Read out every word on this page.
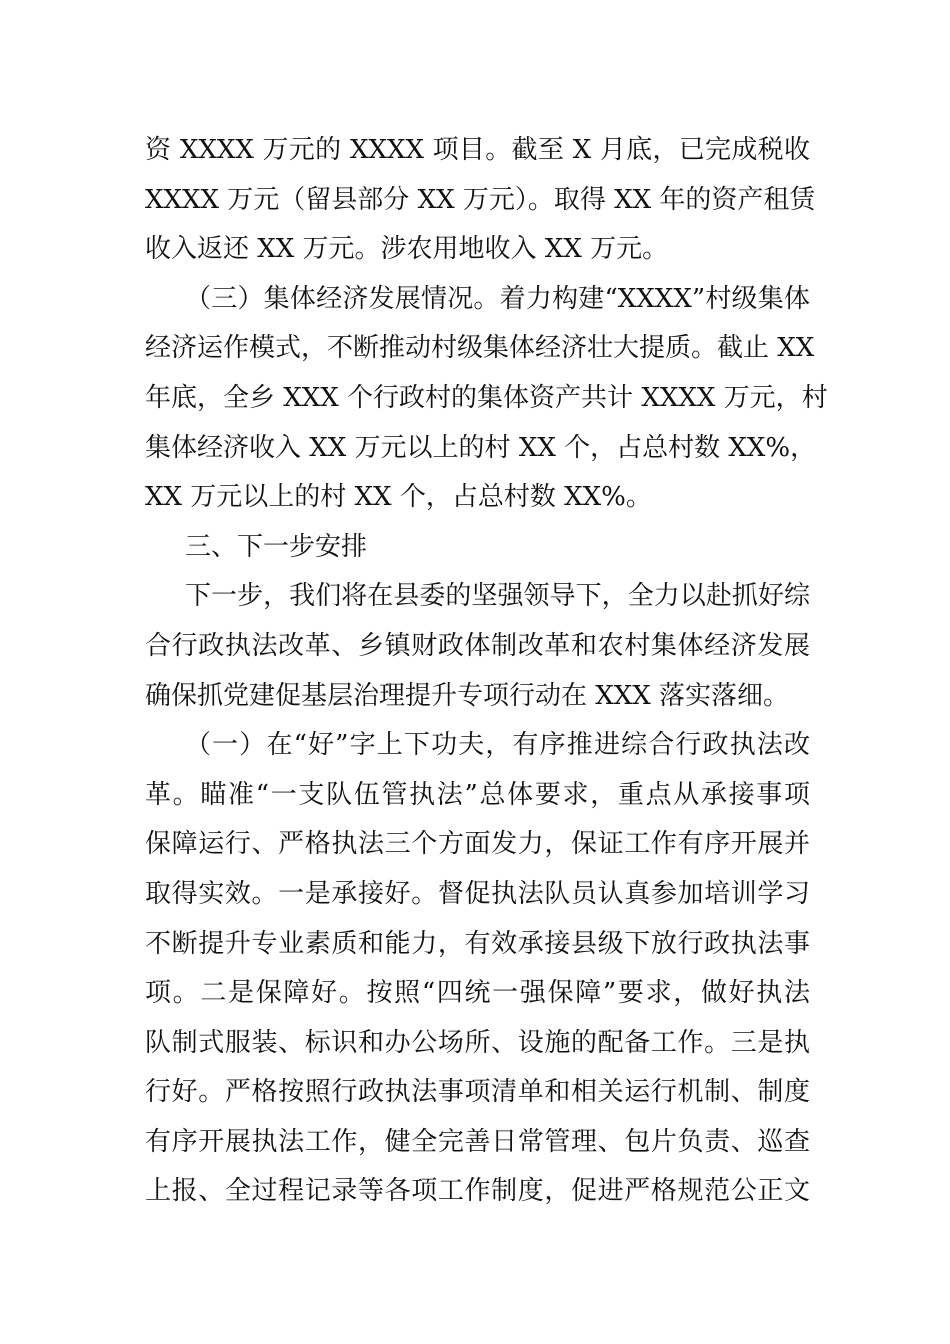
资 XXXX 万元的 XXXX 项目。截至 X 月底，已完成税收
XXXX 万元（留县部分 XX 万元）。取得 XX 年的资产租赁
收入返还 XX 万元。涉农用地收入 XX 万元。
（三）集体经济发展情况。着力构建“XXXX”村级集体
经济运作模式，不断推动村级集体经济壮大提质。截止 XX
年底，全乡 XXX 个行政村的集体资产共计 XXXX 万元，村
集体经济收入 XX 万元以上的村 XX 个，占总村数 XX%，
XX 万元以上的村 XX 个，占总村数 XX%。
三、下一步安排
下一步，我们将在县委的坚强领导下，全力以赴抓好综
合行政执法改革、乡镇财政体制改革和农村集体经济发展
确保抓党建促基层治理提升专项行动在 XXX 落实落细。
（一）在“好”字上下功夫，有序推进综合行政执法改
革。瞄准“一支队伍管执法”总体要求，重点从承接事项
保障运行、严格执法三个方面发力，保证工作有序开展并
取得实效。一是承接好。督促执法队员认真参加培训学习
不断提升专业素质和能力，有效承接县级下放行政执法事
项。二是保障好。按照“四统一强保障”要求，做好执法
队制式服装、标识和办公场所、设施的配备工作。三是执
行好。严格按照行政执法事项清单和相关运行机制、制度
有序开展执法工作，健全完善日常管理、包片负责、巡查
上报、全过程记录等各项工作制度，促进严格规范公正文
